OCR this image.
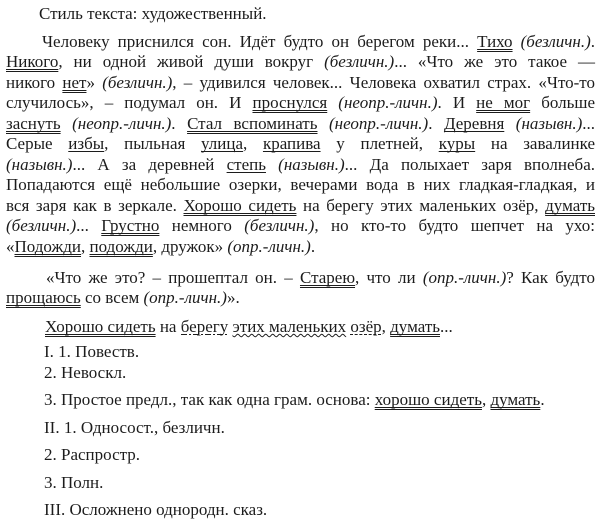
Стиль текста: художественный.
Человеку приснился сон. Идёт будто он берегом реки... Тихо (безличн.).
Никого, ни одной живой души вокруг (безличн.)... «Что же это такое —
никого нет» (безличн.), – удивился человек... Человека охватил страх. «Что-то
случилось», – подумал он. И проснулся (неопр.-личн.). И не мог больше
заснуть (неопр.-личн.). Стал вспоминать (неопр.-личн.). Деревня (назывн.)...
Серые избы, пыльная улица, крапива у плетней, куры на завалинке
(назывн.)... А за деревней степь (назывн.)... Да полыхает заря вполнеба.
Попадаются ещё небольшие озерки, вечерами вода в них гладкая-гладкая, и
вся заря как в зеркале. Хорошо сидеть на берегу этих маленьких озёр, думать
(безличн.)... Грустно немного (безличн.), но кто-то будто шепчет на ухо:
«Подожди, подожди, дружок» (опр.-личн.).
«Что же это? – прошептал он. – Старею, что ли (опр.-личн.)? Как будто
прощаюсь со всем (опр.-личн.)».
Хорошо сидеть на берегу этих маленьких озёр, думать...
I. 1. Повеств.
2. Невоскл.
3. Простое предл., так как одна грам. основа: хорошо сидеть, думать.
II. 1. Односост., безличн.
2. Распростр.
3. Полн.
III. Осложнено однородн. сказ.
